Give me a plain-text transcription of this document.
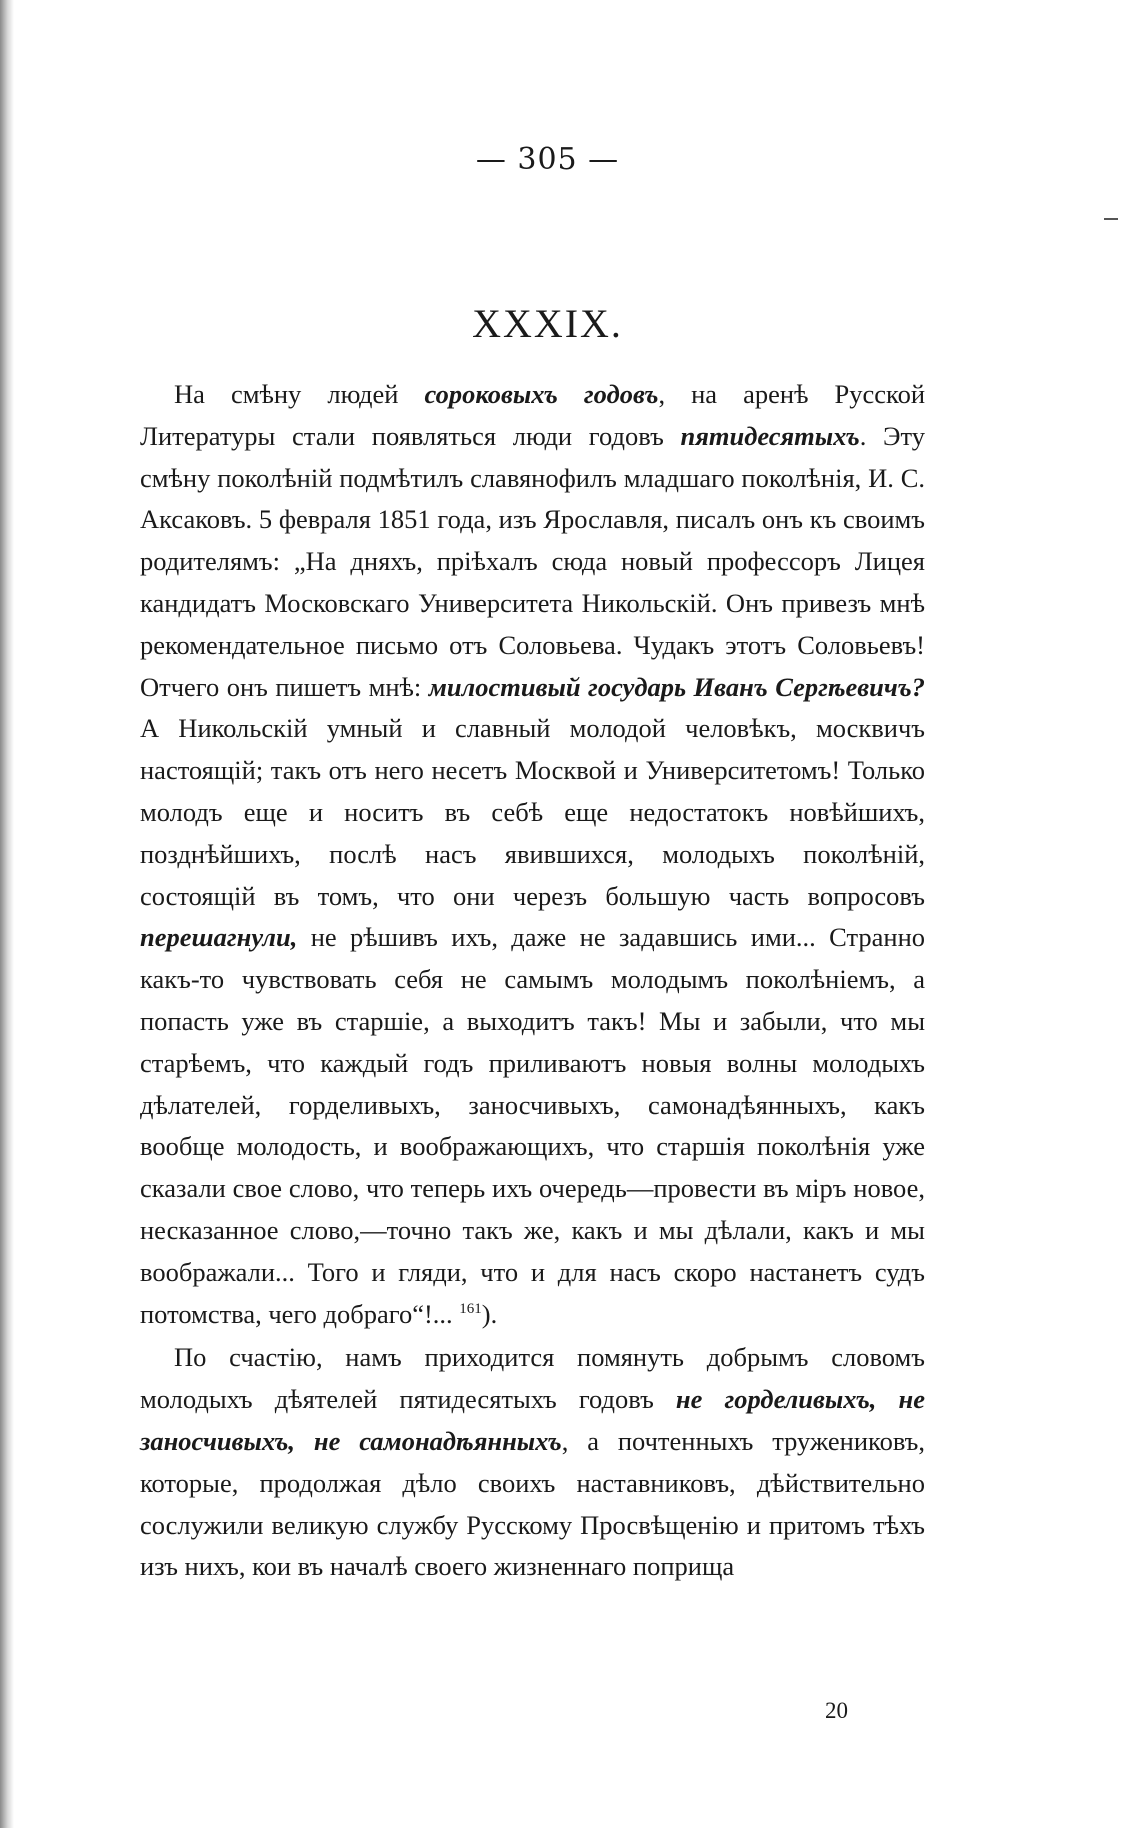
— 305 —
XXXIX.

На смѣну людей сороковыхъ годовъ, на аренѣ Русской Литературы стали появляться люди годовъ пятидесятыхъ. Эту смѣну поколѣній подмѣтилъ славянофилъ младшаго поколѣнія, И. С. Аксаковъ. 5 февраля 1851 года, изъ Ярославля, писалъ онъ къ своимъ родителямъ: „На дняхъ, пріѣхалъ сюда новый профессоръ Лицея кандидатъ Московскаго Университета Никольскій. Онъ привезъ мнѣ рекомендательное письмо отъ Соловьева. Чудакъ этотъ Соловьевъ! Отчего онъ пишетъ мнѣ: милостивый государь Иванъ Сергѣевичъ? А Никольскій умный и славный молодой человѣкъ, москвичъ настоящій; такъ отъ него несетъ Москвой и Университетомъ! Только молодъ еще и носитъ въ себѣ еще недостатокъ новѣйшихъ, позднѣйшихъ, послѣ насъ явившихся, молодыхъ поколѣній, состоящій въ томъ, что они черезъ большую часть вопросовъ перешагнули, не рѣшивъ ихъ, даже не задавшись ими... Странно какъ-то чувствовать себя не самымъ молодымъ поколѣніемъ, а попасть уже въ старшіе, а выходитъ такъ! Мы и забыли, что мы старѣемъ, что каждый годъ приливаютъ новыя волны молодыхъ дѣлателей, горделивыхъ, заносчивыхъ, самонадѣянныхъ, какъ вообще молодость, и воображающихъ, что старшія поколѣнія уже сказали свое слово, что теперь ихъ очередь—провести въ міръ новое, несказанное слово,—точно такъ же, какъ и мы дѣлали, какъ и мы воображали... Того и гляди, что и для насъ скоро настанетъ судъ потомства, чего добраго“!... $^{161}$).

По счастію, намъ приходится помянуть добрымъ словомъ молодыхъ дѣятелей пятидесятыхъ годовъ не горделивыхъ, не заносчивыхъ, не самонадѣянныхъ, а почтенныхъ тружениковъ, которые, продолжая дѣло своихъ наставниковъ, дѣйствительно сослужили великую службу Русскому Просвѣщенію и притомъ тѣхъ изъ нихъ, кои въ началѣ своего жизненнаго поприща

20
